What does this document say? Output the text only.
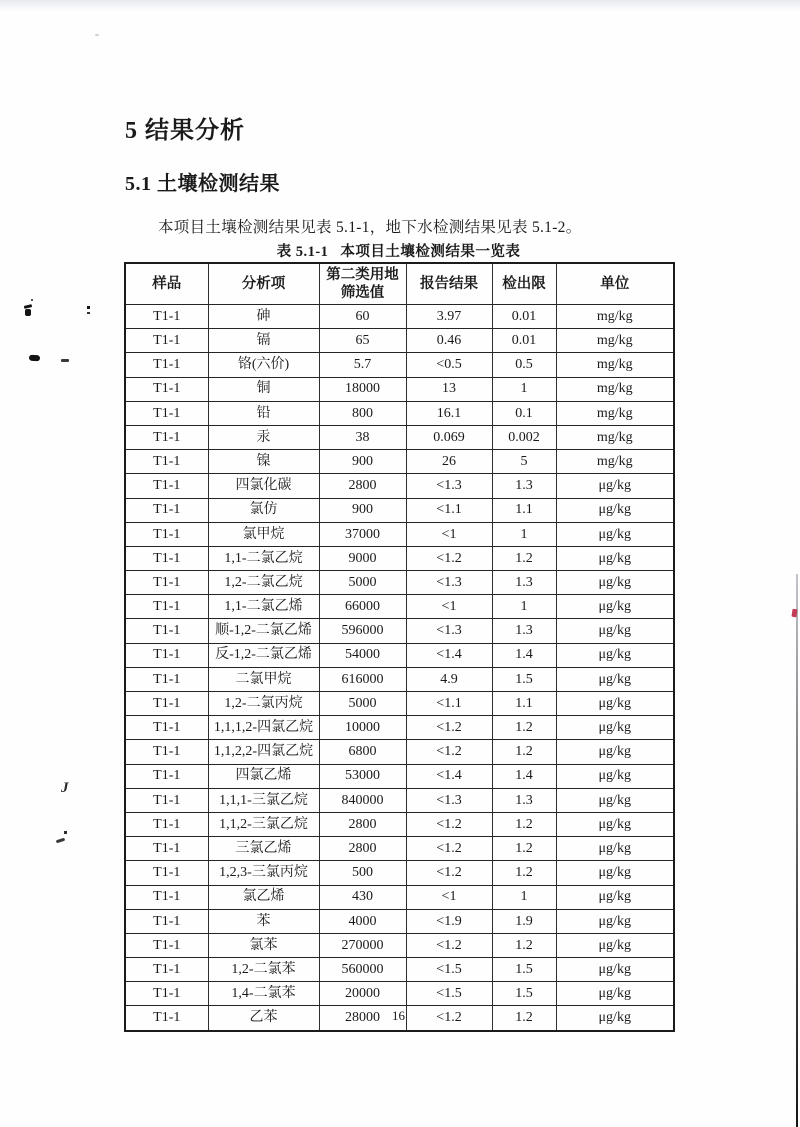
5 结果分析
5.1 土壤检测结果
本项目土壤检测结果见表 5.1-1，地下水检测结果见表 5.1-2。
表 5.1-1 本项目土壤检测结果一览表
样品	分析项	第二类用地
筛选值	报告结果	检出限	单位
T1-1	砷	60	3.97	0.01	mg/kg
T1-1	镉	65	0.46	0.01	mg/kg
T1-1	铬(六价)	5.7	<0.5	0.5	mg/kg
T1-1	铜	18000	13	1	mg/kg
T1-1	铅	800	16.1	0.1	mg/kg
T1-1	汞	38	0.069	0.002	mg/kg
T1-1	镍	900	26	5	mg/kg
T1-1	四氯化碳	2800	<1.3	1.3	μg/kg
T1-1	氯仿	900	<1.1	1.1	μg/kg
T1-1	氯甲烷	37000	<1	1	μg/kg
T1-1	1,1-二氯乙烷	9000	<1.2	1.2	μg/kg
T1-1	1,2-二氯乙烷	5000	<1.3	1.3	μg/kg
T1-1	1,1-二氯乙烯	66000	<1	1	μg/kg
T1-1	顺-1,2-二氯乙烯	596000	<1.3	1.3	μg/kg
T1-1	反-1,2-二氯乙烯	54000	<1.4	1.4	μg/kg
T1-1	二氯甲烷	616000	4.9	1.5	μg/kg
T1-1	1,2-二氯丙烷	5000	<1.1	1.1	μg/kg
T1-1	1,1,1,2-四氯乙烷	10000	<1.2	1.2	μg/kg
T1-1	1,1,2,2-四氯乙烷	6800	<1.2	1.2	μg/kg
T1-1	四氯乙烯	53000	<1.4	1.4	μg/kg
T1-1	1,1,1-三氯乙烷	840000	<1.3	1.3	μg/kg
T1-1	1,1,2-三氯乙烷	2800	<1.2	1.2	μg/kg
T1-1	三氯乙烯	2800	<1.2	1.2	μg/kg
T1-1	1,2,3-三氯丙烷	500	<1.2	1.2	μg/kg
T1-1	氯乙烯	430	<1	1	μg/kg
T1-1	苯	4000	<1.9	1.9	μg/kg
T1-1	氯苯	270000	<1.2	1.2	μg/kg
T1-1	1,2-二氯苯	560000	<1.5	1.5	μg/kg
T1-1	1,4-二氯苯	20000	<1.5	1.5	μg/kg
T1-1	乙苯	28000	<1.2	1.2	μg/kg
16
J
